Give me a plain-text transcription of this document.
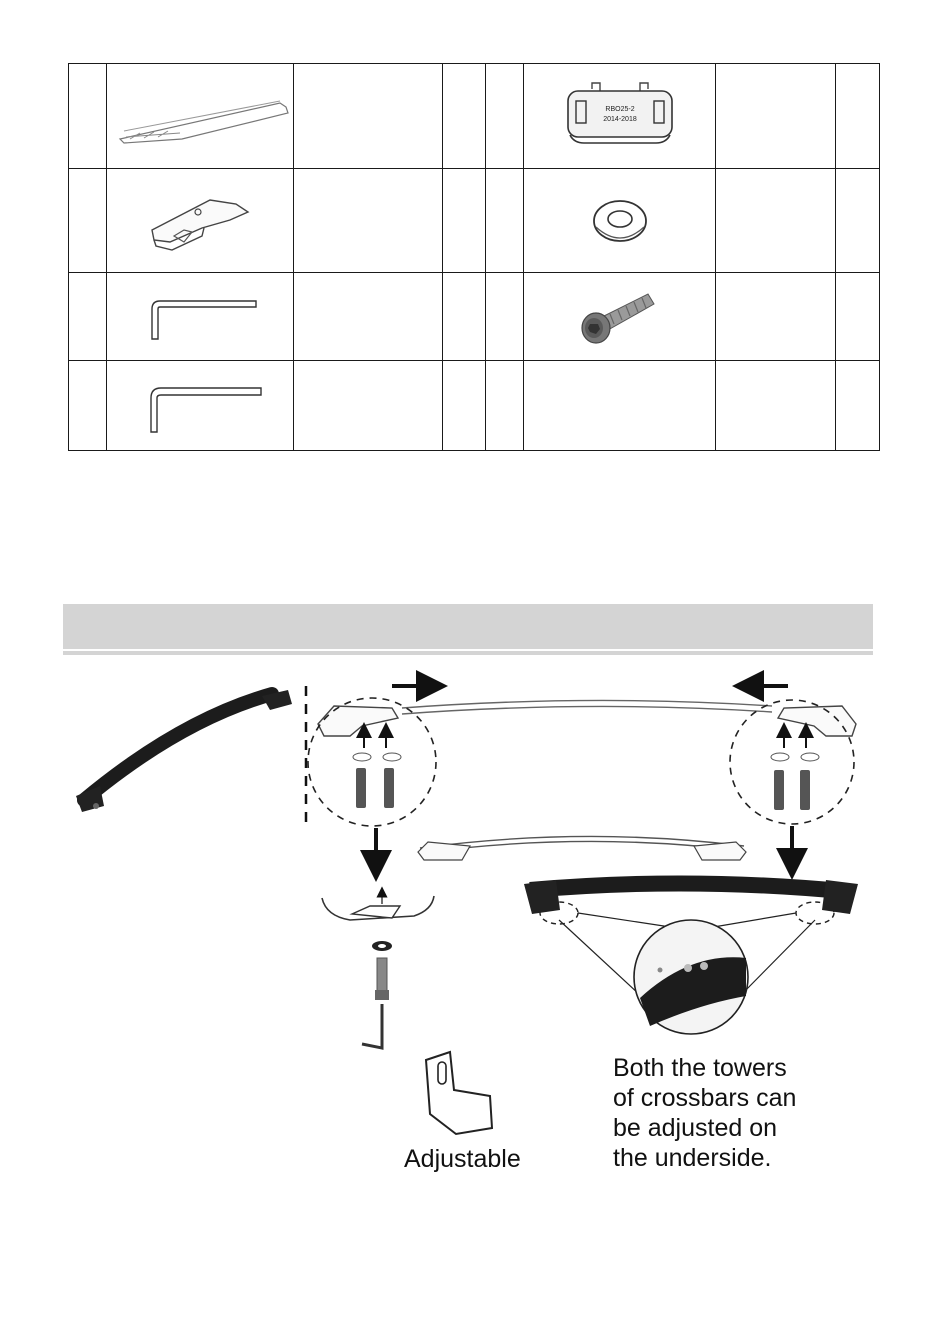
RBO25-2
2014-2018		

Adjustable
Both the towers
of crossbars can
be adjusted on
the underside.
